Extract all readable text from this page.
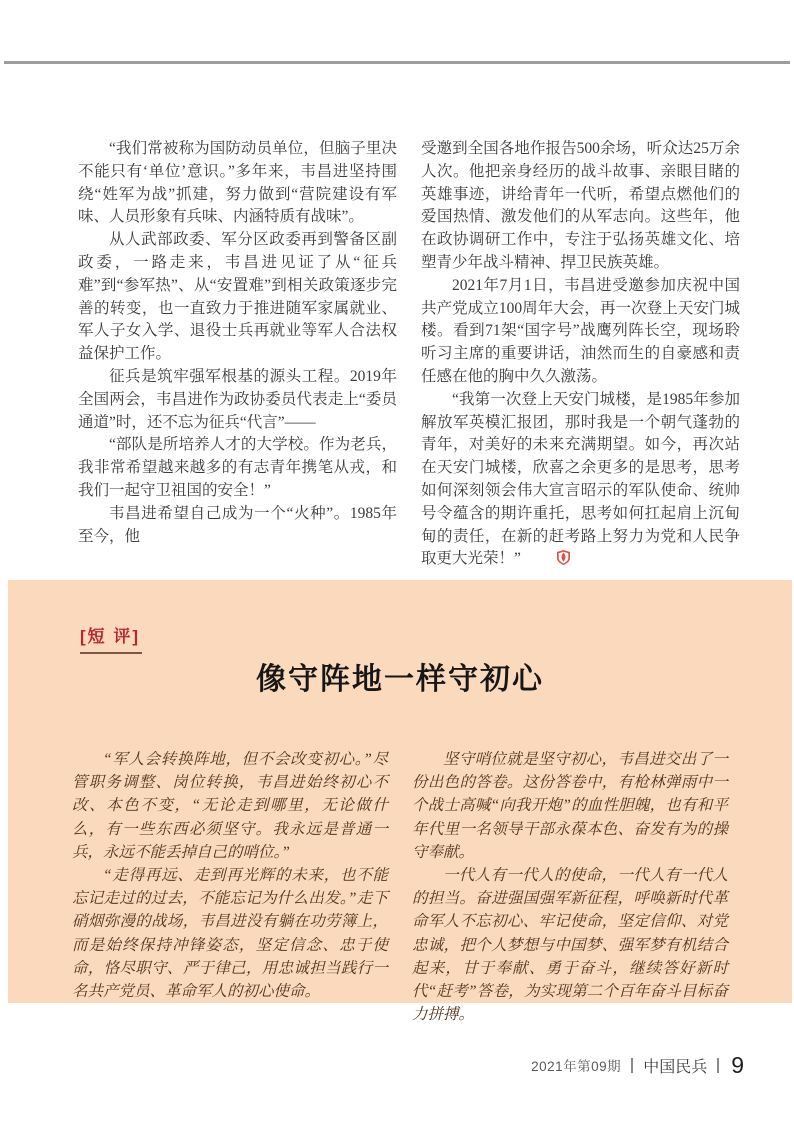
“我们常被称为国防动员单位，但脑子里决不能只有‘单位’意识。”多年来，韦昌进坚持围绕“姓军为战”抓建，努力做到“营院建设有军味、人员形象有兵味、内涵特质有战味”。

从人武部政委、军分区政委再到警备区副政委，一路走来，韦昌进见证了从“征兵难”到“参军热”、从“安置难”到相关政策逐步完善的转变，也一直致力于推进随军家属就业、军人子女入学、退役士兵再就业等军人合法权益保护工作。

征兵是筑牢强军根基的源头工程。2019年全国两会，韦昌进作为政协委员代表走上“委员通道”时，还不忘为征兵“代言”——

“部队是所培养人才的大学校。作为老兵，我非常希望越来越多的有志青年携笔从戎，和我们一起守卫祖国的安全！”

韦昌进希望自己成为一个“火种”。1985年至今，他

受邀到全国各地作报告500余场，听众达25万余人次。他把亲身经历的战斗故事、亲眼目睹的英雄事迹，讲给青年一代听，希望点燃他们的爱国热情、激发他们的从军志向。这些年，他在政协调研工作中，专注于弘扬英雄文化、培塑青少年战斗精神、捍卫民族英雄。

2021年7月1日，韦昌进受邀参加庆祝中国共产党成立100周年大会，再一次登上天安门城楼。看到71架“国字号”战鹰列阵长空，现场聆听习主席的重要讲话，油然而生的自豪感和责任感在他的胸中久久激荡。

“我第一次登上天安门城楼，是1985年参加解放军英模汇报团，那时我是一个朝气蓬勃的青年，对美好的未来充满期望。如今，再次站在天安门城楼，欣喜之余更多的是思考，思考如何深刻领会伟大宣言昭示的军队使命、统帅号令蕴含的期许重托，思考如何扛起肩上沉甸甸的责任，在新的赶考路上努力为党和人民争取更大光荣！”

[短 评]
像守阵地一样守初心

“军人会转换阵地，但不会改变初心。”尽管职务调整、岗位转换，韦昌进始终初心不改、本色不变，“无论走到哪里，无论做什么，有一些东西必须坚守。我永远是普通一兵，永远不能丢掉自己的哨位。”

“走得再远、走到再光辉的未来，也不能忘记走过的过去，不能忘记为什么出发。”走下硝烟弥漫的战场，韦昌进没有躺在功劳簿上，而是始终保持冲锋姿态，坚定信念、忠于使命，恪尽职守、严于律己，用忠诚担当践行一名共产党员、革命军人的初心使命。

坚守哨位就是坚守初心，韦昌进交出了一份出色的答卷。这份答卷中，有枪林弹雨中一个战士高喊“向我开炮”的血性胆魄，也有和平年代里一名领导干部永葆本色、奋发有为的操守奉献。

一代人有一代人的使命，一代人有一代人的担当。奋进强国强军新征程，呼唤新时代革命军人不忘初心、牢记使命，坚定信仰、对党忠诚，把个人梦想与中国梦、强军梦有机结合起来，甘于奉献、勇于奋斗，继续答好新时代“赶考”答卷，为实现第二个百年奋斗目标奋力拼搏。

2021年第09期 中国民兵 9
